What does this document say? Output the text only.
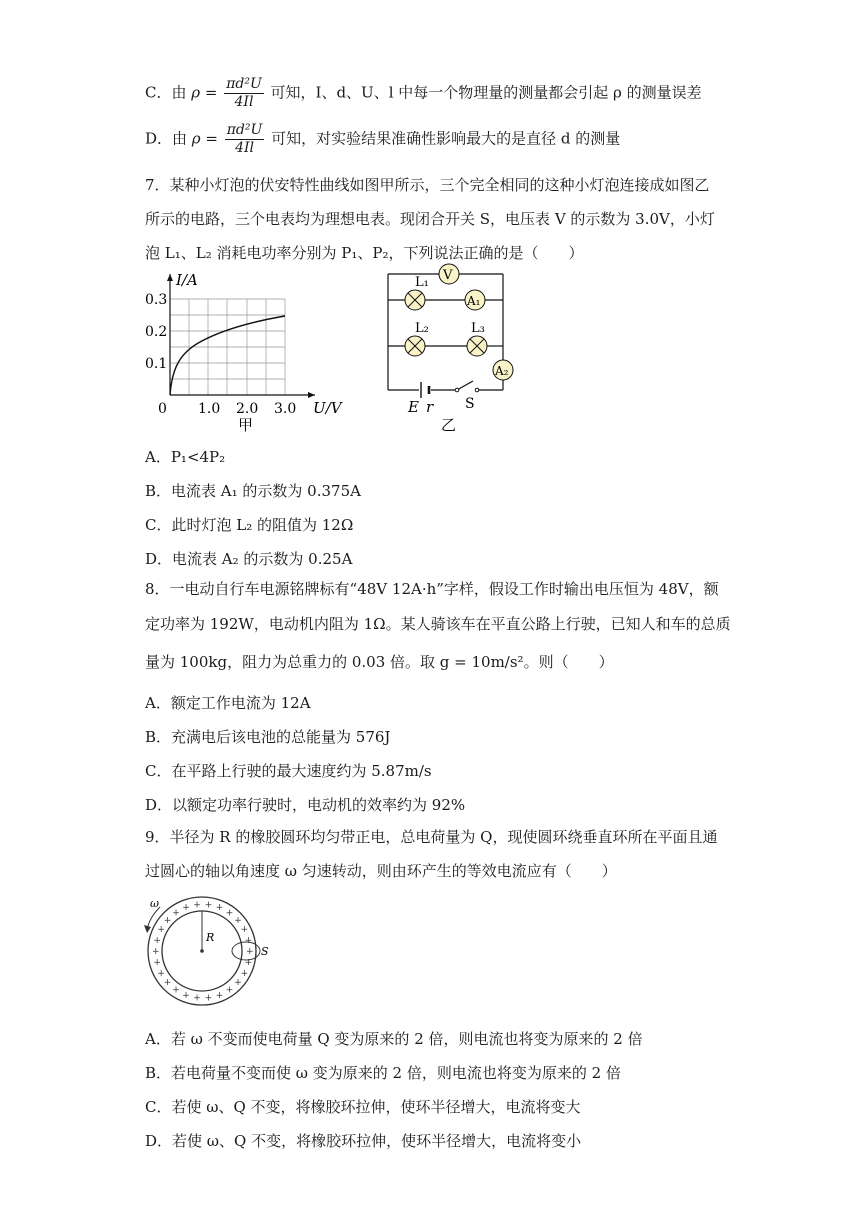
C．由 $\rho = \frac{\text{πd²U}}{4Il}$ 可知，I、d、U、l 中每一个物理量的测量都会引起 ρ 的测量误差
D．由 $\rho = \frac{\text{πd²U}}{4Il}$ 可知，对实验结果准确性影响最大的是直径 d 的测量
7．某种小灯泡的伏安特性曲线如图甲所示，三个完全相同的这种小灯泡连接成如图乙
所示的电路，三个电表均为理想电表。现闭合开关 S，电压表 V 的示数为 3.0V，小灯
泡 L₁、L₂ 消耗电功率分别为 P₁、P₂，下列说法正确的是（　　）
I/A
0.3
0.2
0.1
0 1.0 2.0 3.0 U/V
甲
V
L₁
A₁
L₂	L₃
A₂
E r S
乙
A．P₁<4P₂
B．电流表 A₁ 的示数为 0.375A
C．此时灯泡 L₂ 的阻值为 12Ω
D．电流表 A₂ 的示数为 0.25A
8．一电动自行车电源铭牌标有“48V 12A·h”字样，假设工作时输出电压恒为 48V，额
定功率为 192W，电动机内阻为 1Ω。某人骑该车在平直公路上行驶，已知人和车的总质
量为 100kg，阻力为总重力的 0.03 倍。取 g = 10m/s²。则（　　）
A．额定工作电流为 12A
B．充满电后该电池的总能量为 576J
C．在平路上行驶的最大速度约为 5.87m/s
D．以额定功率行驶时，电动机的效率约为 92%
9．半径为 R 的橡胶圆环均匀带正电，总电荷量为 Q，现使圆环绕垂直环所在平面且通
过圆心的轴以角速度 ω 匀速转动，则由环产生的等效电流应有（　　）
+
+
+
+
+
+
+
+
+
+
+
+
+
+
+
+
+
+
+ + + +
+
+
+
+
R
ω
S
A．若 ω 不变而使电荷量 Q 变为原来的 2 倍，则电流也将变为原来的 2 倍
B．若电荷量不变而使 ω 变为原来的 2 倍，则电流也将变为原来的 2 倍
C．若使 ω、Q 不变，将橡胶环拉伸，使环半径增大，电流将变大
D．若使 ω、Q 不变，将橡胶环拉伸，使环半径增大，电流将变小
